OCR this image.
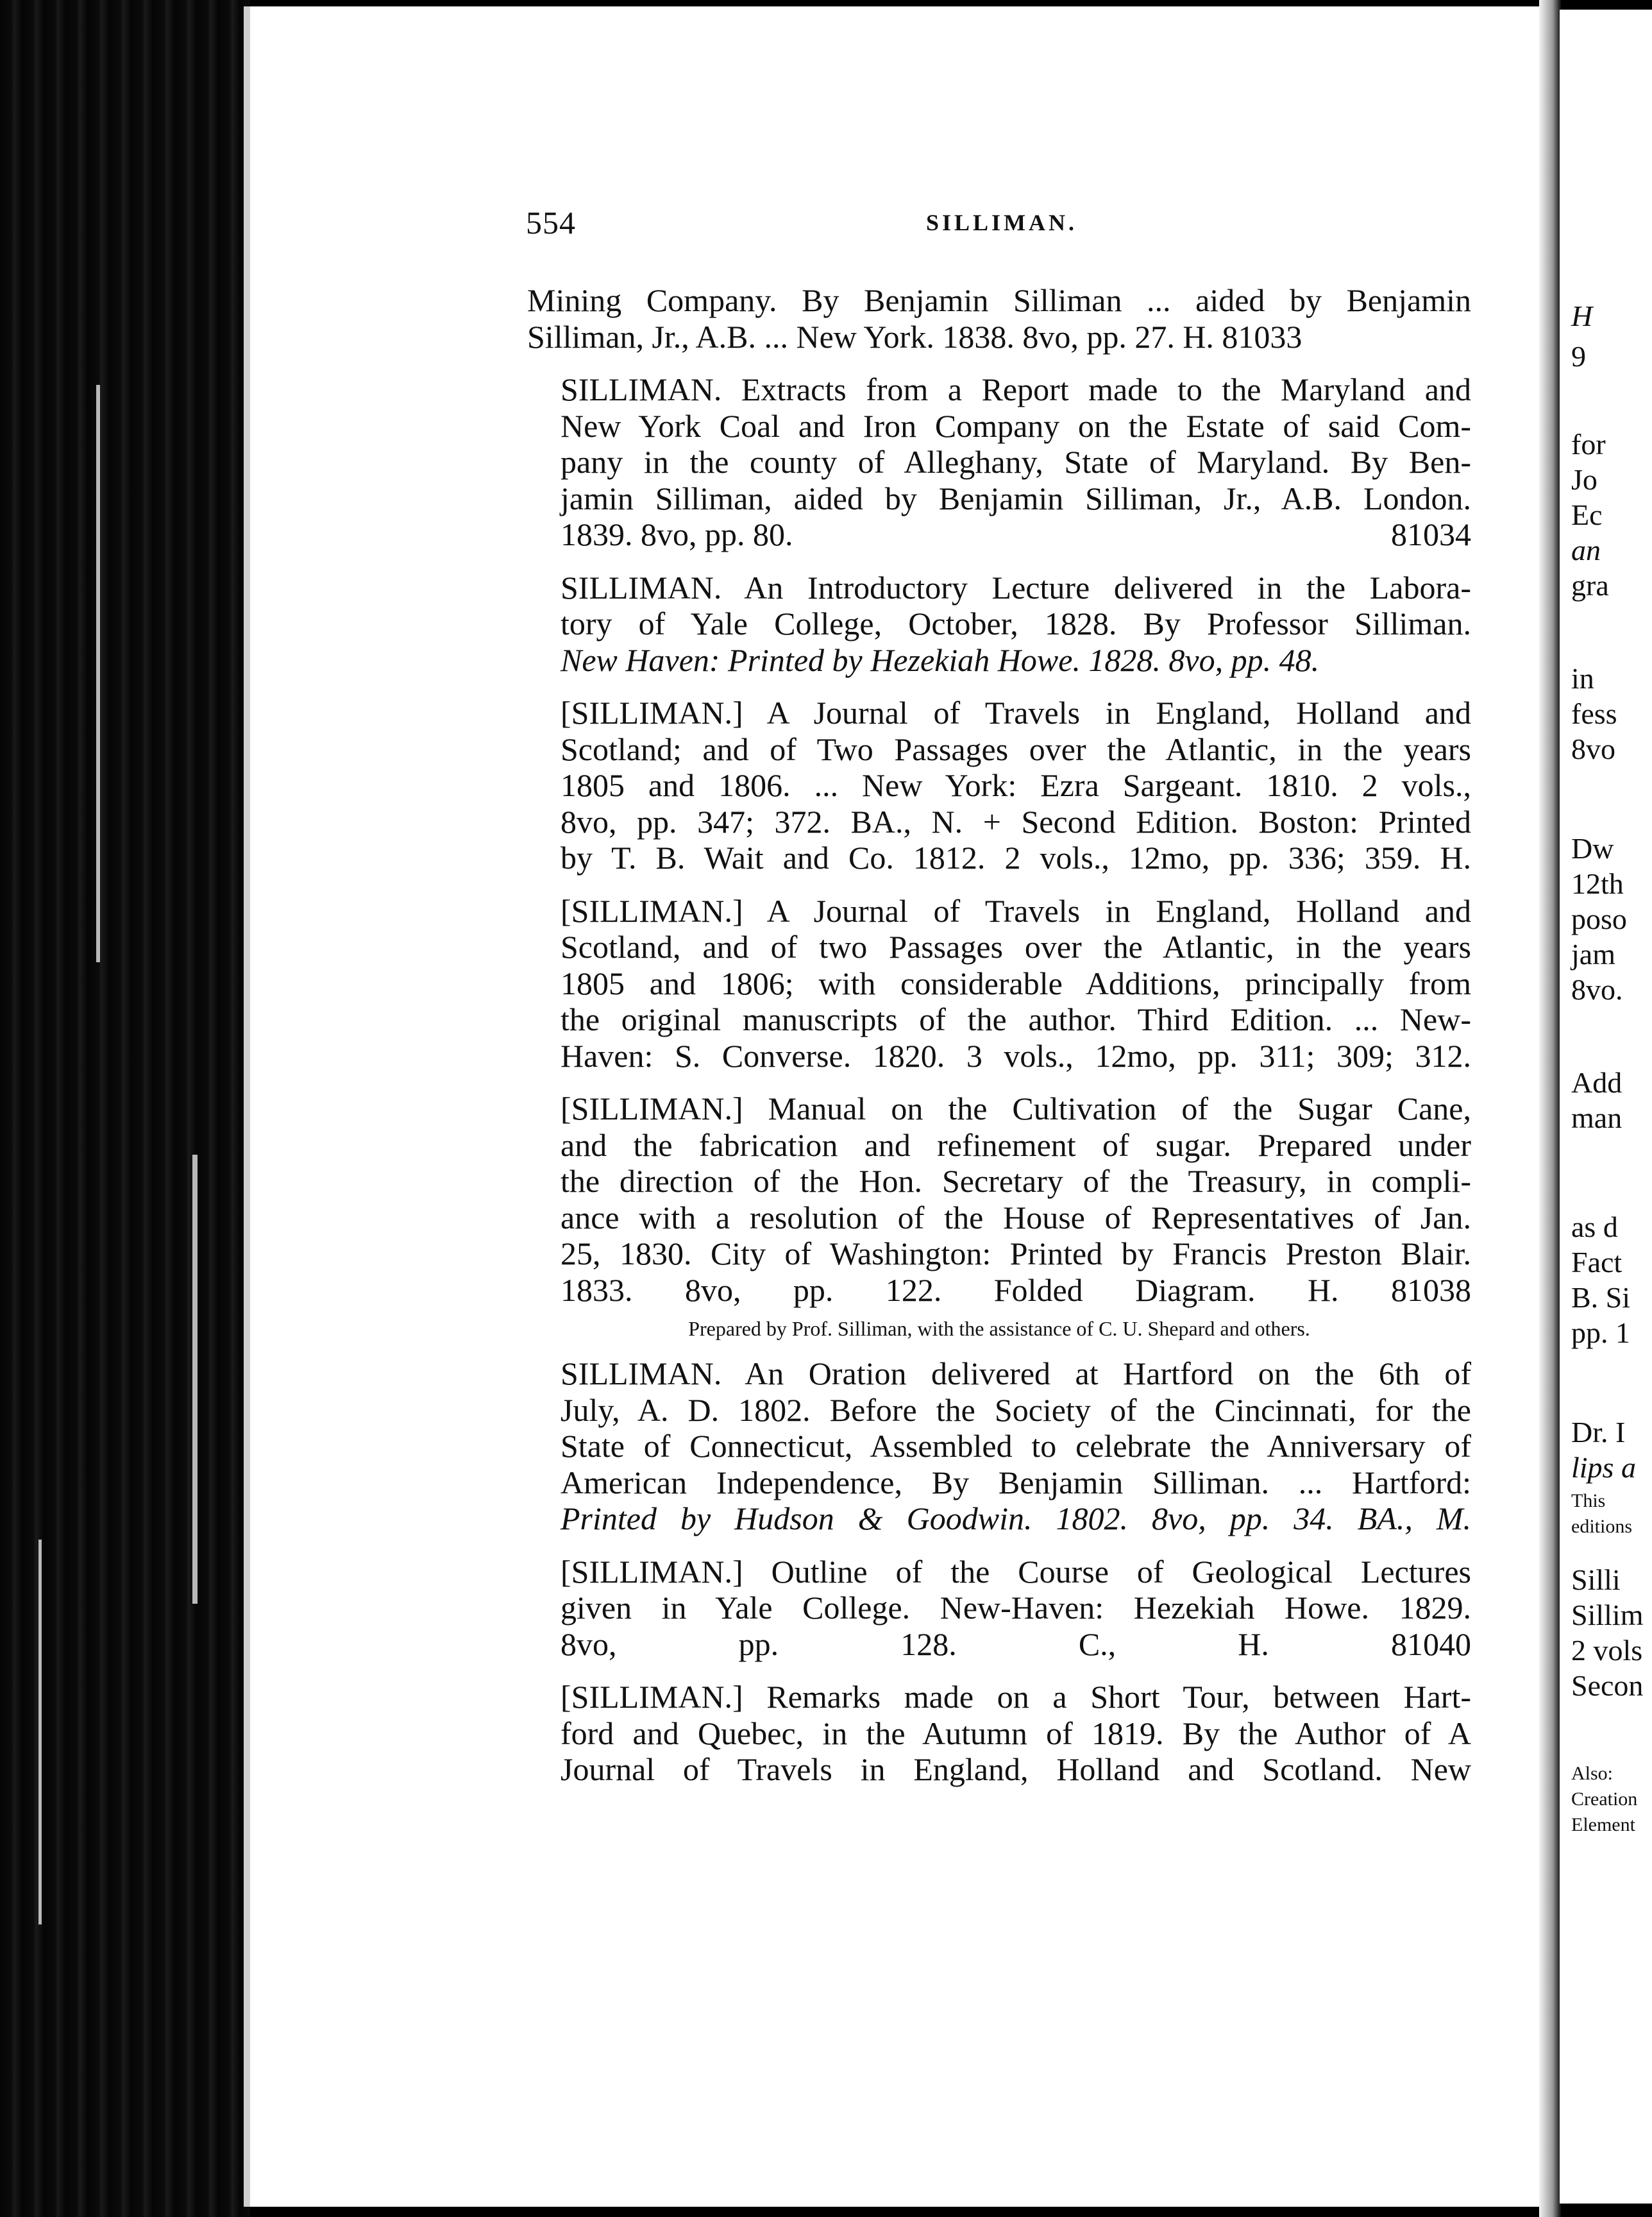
H
9
for
Jo
Ec
an
gra
in
fess
8vo
Dw
12th
poso
jam
8vo.
Add
man
as d
Fact
B. Si
pp. 1
Dr. I
lips a
This
editions
Silli
Sillim
2 vols
Secon
Also:
Creation
Element
554	SILLIMAN.
Mining Company. By Benjamin Silliman ... aided by Benjamin
Silliman, Jr., A.B. ... New York. 1838. 8vo, pp. 27. H. 81033
SILLIMAN. Extracts from a Report made to the Maryland and
New York Coal and Iron Company on the Estate of said Com-
pany in the county of Alleghany, State of Maryland. By Ben-
jamin Silliman, aided by Benjamin Silliman, Jr., A.B. London.
1839. 8vo, pp. 80.	81034
SILLIMAN. An Introductory Lecture delivered in the Labora-
tory of Yale College, October, 1828. By Professor Silliman.
New Haven: Printed by Hezekiah Howe. 1828. 8vo, pp. 48.
[SILLIMAN.] A Journal of Travels in England, Holland and
Scotland; and of Two Passages over the Atlantic, in the years
1805 and 1806. ... New York: Ezra Sargeant. 1810. 2 vols.,
8vo, pp. 347; 372. BA., N. + Second Edition. Boston: Printed
by T. B. Wait and Co. 1812. 2 vols., 12mo, pp. 336; 359. H.
[SILLIMAN.] A Journal of Travels in England, Holland and
Scotland, and of two Passages over the Atlantic, in the years
1805 and 1806; with considerable Additions, principally from
the original manuscripts of the author. Third Edition. ... New-
Haven: S. Converse. 1820. 3 vols., 12mo, pp. 311; 309; 312.
[SILLIMAN.] Manual on the Cultivation of the Sugar Cane,
and the fabrication and refinement of sugar. Prepared under
the direction of the Hon. Secretary of the Treasury, in compli-
ance with a resolution of the House of Representatives of Jan.
25, 1830. City of Washington: Printed by Francis Preston Blair.
1833. 8vo, pp. 122. Folded Diagram. H. 81038
Prepared by Prof. Silliman, with the assistance of C. U. Shepard and others.
SILLIMAN. An Oration delivered at Hartford on the 6th of
July, A. D. 1802. Before the Society of the Cincinnati, for the
State of Connecticut, Assembled to celebrate the Anniversary of
American Independence, By Benjamin Silliman. ... Hartford:
Printed by Hudson & Goodwin. 1802. 8vo, pp. 34. BA., M.
[SILLIMAN.] Outline of the Course of Geological Lectures
given in Yale College. New-Haven: Hezekiah Howe. 1829.
8vo, pp. 128. C., H. 81040
[SILLIMAN.] Remarks made on a Short Tour, between Hart-
ford and Quebec, in the Autumn of 1819. By the Author of A
Journal of Travels in England, Holland and Scotland. New
